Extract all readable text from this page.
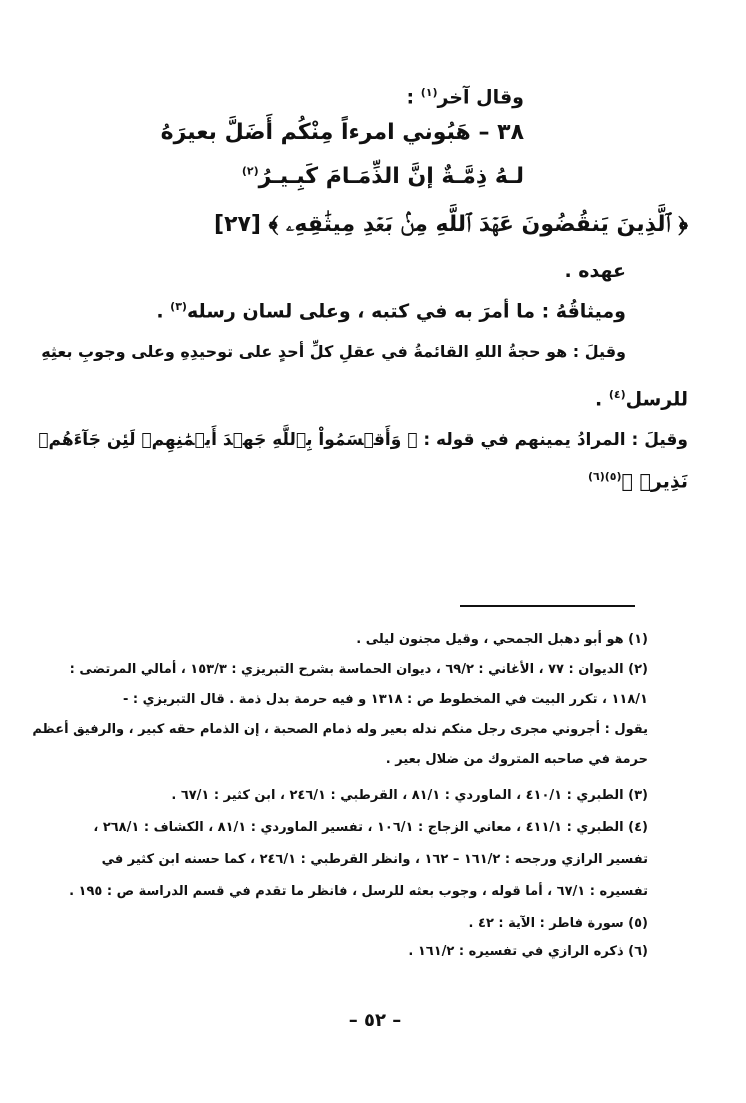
وقال آخر$^{(١)}$ :
٣٨ – هَبُوني امرءاً مِنْكُم أَضَلَّ بعيرَهُ
لـهُ ذِمَّـةٌ إنَّ الذِّمَـامَ كَبِـيـرُ$^{(٢)}$
﴿ ٱلَّذِينَ يَنقُضُونَ عَهۡدَ ٱللَّهِ مِنۢ بَعۡدِ مِيثَٰقِهِۦ ﴾ [٢٧]
عهده .
وميثاقُهُ : ما أمرَ به في كتبه ، وعلى لسان رسله$^{(٣)}$ .
وقيلَ : هو حجةُ اللهِ القائمةُ في عقلِ كلِّ أحدٍ على توحيدِهِ وعلى وجوبِ بعثِهِ
للرسل$^{(٤)}$ .
وقيلَ : المرادُ يمينهم في قوله : ﴿ وَأَقۡسَمُواْ بِٱللَّهِ جَهۡدَ أَيۡمَٰنِهِمۡ لَئِن جَآءَهُمۡ
نَذِيرٞ ﴾$^{(٥)(٦)}$
(١) هو أبو دهبل الجمحي ، وقيل مجنون ليلى .
(٢) الديوان : ٧٧ ، الأغاني : ٦٩/٢ ، ديوان الحماسة بشرح التبريزي : ١٥٣/٣ ، أمالي المرتضى :
١١٨/١ ، تكرر البيت في المخطوط ص : ١٣١٨ و فيه حرمة بدل ذمة . قال التبريزي : -
يقول : أجروني مجرى رجل منكم ندله بعير وله ذمام الصحبة ، إن الذمام حقه كبير ، والرفيق أعظم
حرمة في صاحبه المتروك من ضلال بعير .
(٣) الطبري : ٤١٠/١ ، الماوردي : ٨١/١ ، القرطبي : ٢٤٦/١ ، ابن كثير : ٦٧/١ .
(٤) الطبري : ٤١١/١ ، معاني الزجاج : ١٠٦/١ ، تفسير الماوردي : ٨١/١ ، الكشاف : ٢٦٨/١ ،
تفسير الرازي ورجحه : ١٦١/٢ – ١٦٢ ، وانظر القرطبي : ٢٤٦/١ ، كما حسنه ابن كثير في
تفسيره : ٦٧/١ ، أما قوله ، وجوب بعثه للرسل ، فانظر ما تقدم في قسم الدراسة ص : ١٩٥ .
(٥) سورة فاطر : الآية : ٤٢ .
(٦) ذكره الرازي في تفسيره : ١٦١/٢ .
– ٥٢ –
